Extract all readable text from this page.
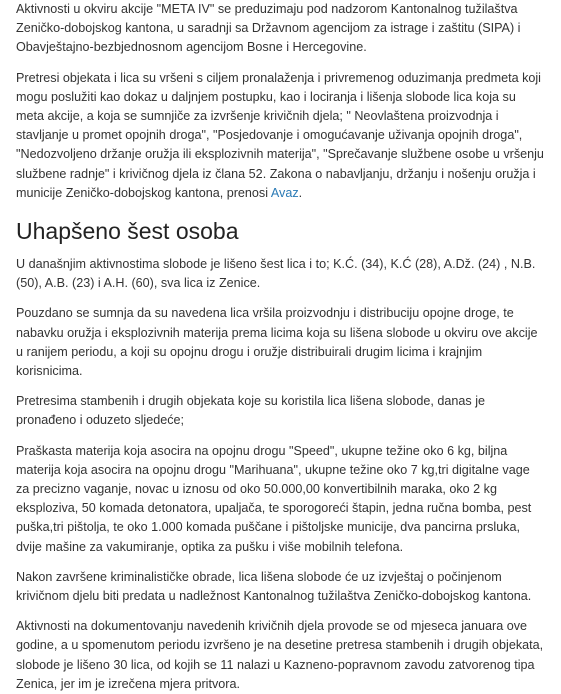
Aktivnosti u okviru akcije "META IV" se preduzimaju pod nadzorom Kantonalnog tužilaštva Zeničko-dobojskog kantona, u saradnji sa Državnom agencijom za istrage i zaštitu (SIPA) i Obavještajno-bezbjednosnom agencijom Bosne i Hercegovine.

Pretresi objekata i lica su vršeni s ciljem pronalaženja i privremenog oduzimanja predmeta koji mogu poslužiti kao dokaz u daljnjem postupku, kao i lociranja i lišenja slobode lica koja su meta akcije, a koja se sumnjiče za izvršenje krivičnih djela; " Neovlaštena proizvodnja i stavljanje u promet opojnih droga", "Posjedovanje i omogućavanje uživanja opojnih droga", "Nedozvoljeno držanje oružja ili eksplozivnih materija", "Sprečavanje službene osobe u vršenju službene radnje" i krivičnog djela iz člana 52. Zakona o nabavljanju, držanju i nošenju oružja i municije Zeničko-dobojskog kantona, prenosi Avaz.

Uhapšeno šest osoba

U današnjim aktivnostima slobode je lišeno šest lica i to; K.Ć. (34), K.Ć (28), A.Dž. (24) , N.B. (50), A.B. (23) i A.H. (60), sva lica iz Zenice.

Pouzdano se sumnja da su navedena lica vršila proizvodnju i distribuciju opojne droge, te nabavku oružja i eksplozivnih materija prema licima koja su lišena slobode u okviru ove akcije u ranijem periodu, a koji su opojnu drogu i oružje distribuirali drugim licima i krajnjim korisnicima.

Pretresima stambenih i drugih objekata koje su koristila lica lišena slobode, danas je pronađeno i oduzeto sljedeće;

Praškasta materija koja asocira na opojnu drogu "Speed", ukupne težine oko 6 kg, biljna materija koja asocira na opojnu drogu "Marihuana", ukupne težine oko 7 kg,tri digitalne vage za precizno vaganje, novac u iznosu od oko 50.000,00 konvertibilnih maraka, oko 2 kg eksploziva, 50 komada detonatora, upaljača, te sporogoreći štapin, jedna ručna bomba, pest puška,tri pištolja, te oko 1.000 komada puščane i pištoljske municije, dva pancirna prsluka, dvije mašine za vakumiranje, optika za pušku i više mobilnih telefona.

Nakon završene kriminalističke obrade, lica lišena slobode će uz izvještaj o počinjenom krivičnom djelu biti predata u nadležnost Kantonalnog tužilaštva Zeničko-dobojskog kantona.

Aktivnosti na dokumentovanju navedenih krivičnih djela provode se od mjeseca januara ove godine, a u spomenutom periodu izvršeno je na desetine pretresa stambenih i drugih objekata, slobode je lišeno 30 lica, od kojih se 11 nalazi u Kazneno-popravnom zavodu zatvorenog tipa Zenica, jer im je izrečena mjera pritvora.
